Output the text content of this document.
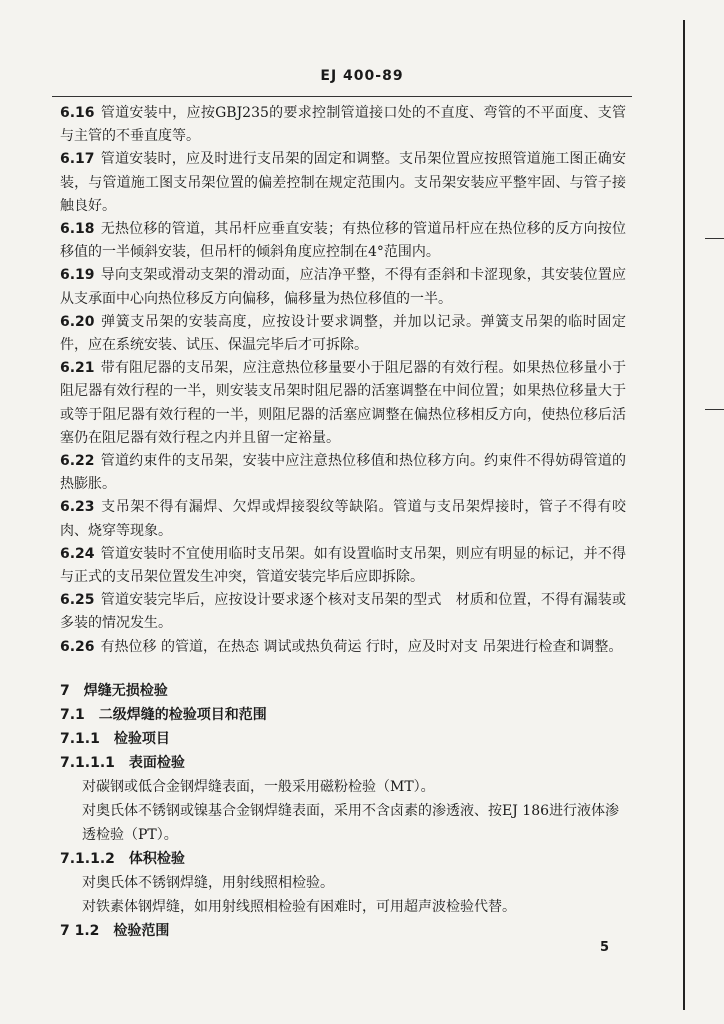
EJ 400-89

6.16 管道安装中，应按GBJ235的要求控制管道接口处的不直度、弯管的不平面度、支管与主管的不垂直度等。

6.17 管道安装时，应及时进行支吊架的固定和调整。支吊架位置应按照管道施工图正确安装，与管道施工图支吊架位置的偏差控制在规定范围内。支吊架安装应平整牢固、与管子接触良好。

6.18 无热位移的管道，其吊杆应垂直安装；有热位移的管道吊杆应在热位移的反方向按位移值的一半倾斜安装，但吊杆的倾斜角度应控制在4°范围内。

6.19 导向支架或滑动支架的滑动面，应洁净平整，不得有歪斜和卡涩现象，其安装位置应从支承面中心向热位移反方向偏移，偏移量为热位移值的一半。

6.20 弹簧支吊架的安装高度，应按设计要求调整，并加以记录。弹簧支吊架的临时固定件，应在系统安装、试压、保温完毕后才可拆除。

6.21 带有阻尼器的支吊架，应注意热位移量要小于阻尼器的有效行程。如果热位移量小于阻尼器有效行程的一半，则安装支吊架时阻尼器的活塞调整在中间位置；如果热位移量大于或等于阻尼器有效行程的一半，则阻尼器的活塞应调整在偏热位移相反方向，使热位移后活塞仍在阻尼器有效行程之内并且留一定裕量。

6.22 管道约束件的支吊架，安装中应注意热位移值和热位移方向。约束件不得妨碍管道的热膨胀。

6.23 支吊架不得有漏焊、欠焊或焊接裂纹等缺陷。管道与支吊架焊接时，管子不得有咬肉、烧穿等现象。

6.24 管道安装时不宜使用临时支吊架。如有设置临时支吊架，则应有明显的标记，并不得与正式的支吊架位置发生冲突，管道安装完毕后应即拆除。

6.25 管道安装完毕后，应按设计要求逐个核对支吊架的型式　材质和位置，不得有漏装或多装的情况发生。

6.26 有热位移 的管道，在热态 调试或热负荷运 行时，应及时对支 吊架进行检查和调整。

7　焊缝无损检验

7.1　二级焊缝的检验项目和范围

7.1.1　检验项目

7.1.1.1　表面检验

对碳钢或低合金钢焊缝表面，一般采用磁粉检验（MT）。

对奥氏体不锈钢或镍基合金钢焊缝表面，采用不含卤素的渗透液、按EJ 186进行液体渗透检验（PT）。

7.1.1.2　体积检验

对奥氏体不锈钢焊缝，用射线照相检验。

对铁素体钢焊缝，如用射线照相检验有困难时，可用超声波检验代替。

7 1.2　检验范围

5
